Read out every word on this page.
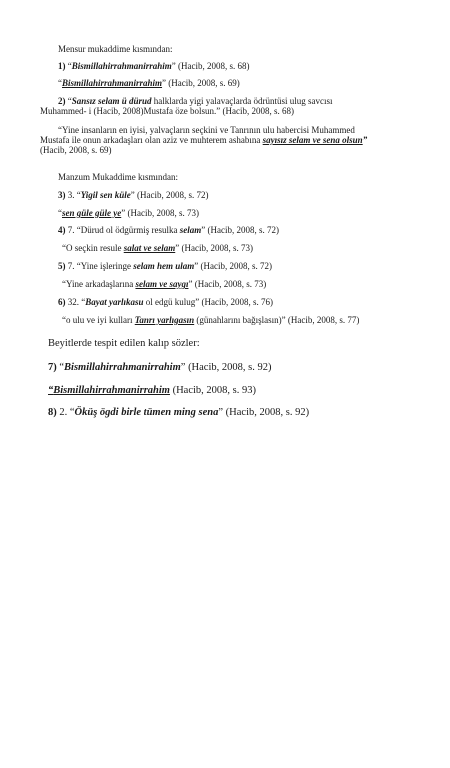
Mensur mukaddime kısmından:
1) “Bismillahirrahmanirrahim” (Hacib, 2008, s. 68)
“Bismillahirrahmanirrahim” (Hacib, 2008, s. 69)
2) “Sansız selam ü dürud halklarda yigi yalavaçlarda ödrüntüsi ulug savcısı
Muhammed- i (Hacib, 2008)Mustafa öze bolsun.” (Hacib, 2008, s. 68)
“Yine insanların en iyisi, yalvaçların seçkini ve Tanrının ulu habercisi Muhammed
Mustafa ile onun arkadaşları olan aziz ve muhterem ashabına sayısız selam ve sena olsun”
(Hacib, 2008, s. 69)
Manzum Mukaddime kısmından:
3) 3. “Yigil sen küle” (Hacib, 2008, s. 72)
“sen güle güle ye” (Hacib, 2008, s. 73)
4) 7. “Dürud ol ödgürmiş resulka selam” (Hacib, 2008, s. 72)
“O seçkin resule salat ve selam” (Hacib, 2008, s. 73)
5) 7. “Yine işleringe selam hem ulam” (Hacib, 2008, s. 72)
“Yine arkadaşlarına selam ve saygı” (Hacib, 2008, s. 73)
6) 32. “Bayat yarlıkasu ol edgü kulug” (Hacib, 2008, s. 76)
“o ulu ve iyi kulları Tanrı yarlıgasın (günahlarını bağışlasın)” (Hacib, 2008, s. 77)
Beyitlerde tespit edilen kalıp sözler:
7) “Bismillahirrahmanirrahim” (Hacib, 2008, s. 92)
“Bismillahirrahmanirrahim (Hacib, 2008, s. 93)
8) 2. “Öküş ögdi birle tümen ming sena” (Hacib, 2008, s. 92)
